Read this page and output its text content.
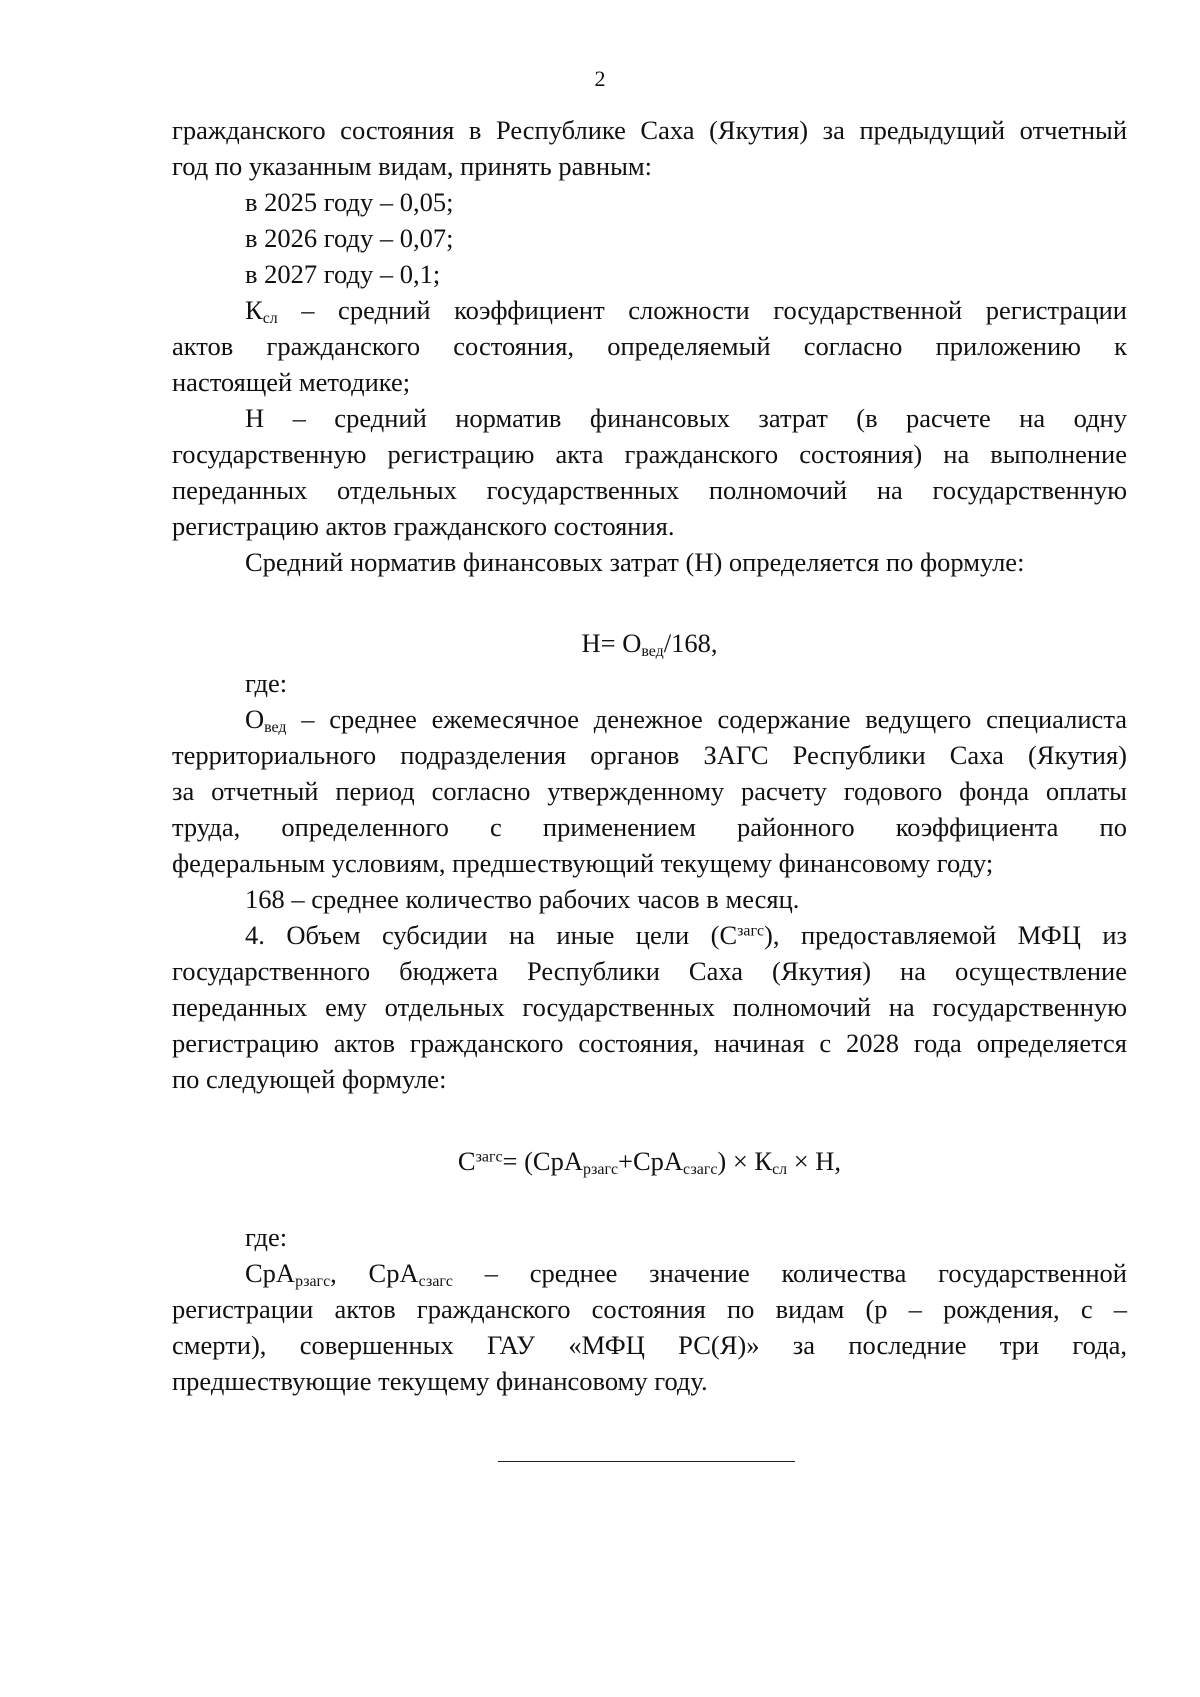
2
гражданского состояния в Республике Саха (Якутия) за предыдущий отчетный
год по указанным видам, принять равным:
в 2025 году – 0,05;
в 2026 году – 0,07;
в 2027 году – 0,1;
$К_{сл}$ – средний коэффициент сложности государственной регистрации
актов гражданского состояния, определяемый согласно приложению к
настоящей методике;
Н – средний норматив финансовых затрат (в расчете на одну
государственную регистрацию акта гражданского состояния) на выполнение
переданных отдельных государственных полномочий на государственную
регистрацию актов гражданского состояния.
Средний норматив финансовых затрат (Н) определяется по формуле:
$Н= О_{вед}/168$,
где:
$О_{вед}$ – среднее ежемесячное денежное содержание ведущего специалиста
территориального подразделения органов ЗАГС Республики Саха (Якутия)
за отчетный период согласно утвержденному расчету годового фонда оплаты
труда, определенного с применением районного коэффициента по
федеральным условиям, предшествующий текущему финансовому году;
168 – среднее количество рабочих часов в месяц.
4. Объем субсидии на иные цели $(С^{загс})$, предоставляемой МФЦ из
государственного бюджета Республики Саха (Якутия) на осуществление
переданных ему отдельных государственных полномочий на государственную
регистрацию актов гражданского состояния, начиная с 2028 года определяется
по следующей формуле:
$С^{загс}= (СрА_{рзагс}+СрА_{сзагс}) \times К_{сл} \times Н$,
где:
СрА$_{рзагс}$, СрА$_{сзагс}$ – среднее значение количества государственной
регистрации актов гражданского состояния по видам (р – рождения, с –
смерти), совершенных ГАУ «МФЦ РС(Я)» за последние три года,
предшествующие текущему финансовому году.
